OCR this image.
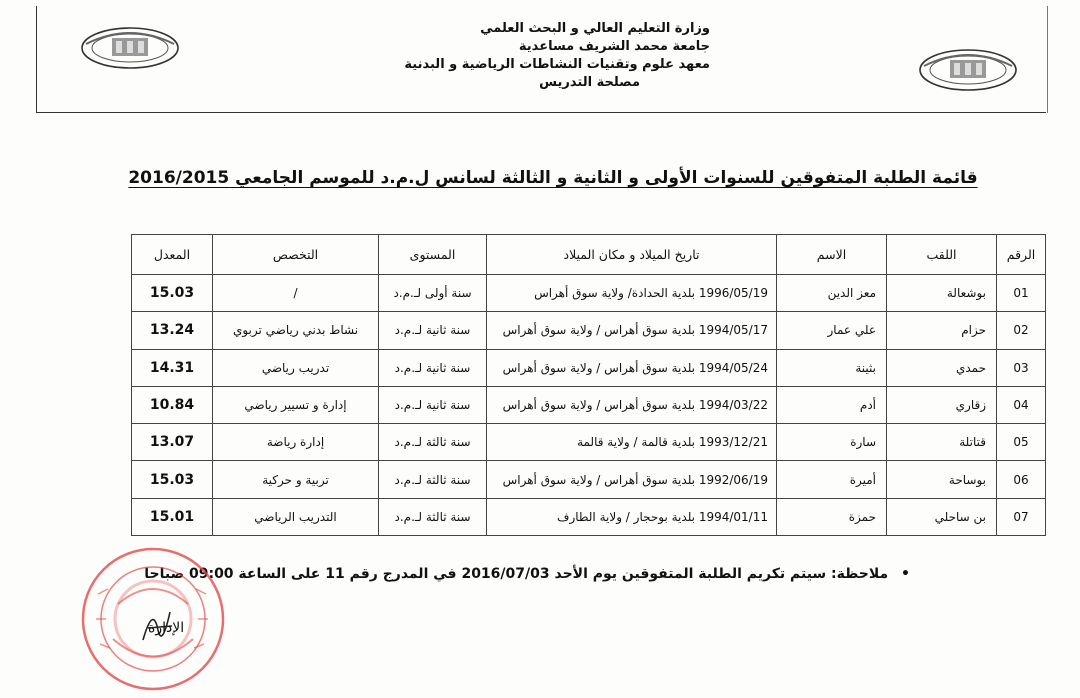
وزارة التعليم العالي و البحث العلمي
جامعة محمد الشريف مساعدية
معهد علوم وتقنيات النشاطات الرياضية و البدنية
مصلحة التدريس
قائمة الطلبة المتفوقين للسنوات الأولى و الثانية و الثالثة لسانس ل.م.د للموسم الجامعي 2016/2015
الرقم	اللقب	الاسم	تاريخ الميلاد و مكان الميلاد	المستوى	التخصص	المعدل
01	بوشعالة	معز الدين	1996/05/19 بلدية الحدادة/ ولاية سوق أهراس	سنة أولى لـ.م.د	/	15.03
02	حزام	علي عمار	1994/05/17 بلدية سوق أهراس / ولاية سوق أهراس	سنة ثانية لـ.م.د	نشاط بدني رياضي تربوي	13.24
03	حمدي	بثينة	1994/05/24 بلدية سوق أهراس / ولاية سوق أهراس	سنة ثانية لـ.م.د	تدريب رياضي	14.31
04	زقاري	أدم	1994/03/22 بلدية سوق أهراس / ولاية سوق أهراس	سنة ثانية لـ.م.د	إدارة و تسيير رياضي	10.84
05	قتاتلة	سارة	1993/12/21 بلدية قالمة / ولاية قالمة	سنة ثالثة لـ.م.د	إدارة رياضة	13.07
06	بوساحة	أميرة	1992/06/19 بلدية سوق أهراس / ولاية سوق أهراس	سنة ثالثة لـ.م.د	تربية و حركية	15.03
07	بن ساحلي	حمزة	1994/01/11 بلدية بوحجار / ولاية الطارف	سنة ثالثة لـ.م.د	التدريب الرياضي	15.01
• ملاحظة: سيتم تكريم الطلبة المتفوقين يوم الأحد 2016/07/03 في المدرج رقم 11 على الساعة 09:00 صباحا
الإدارة
